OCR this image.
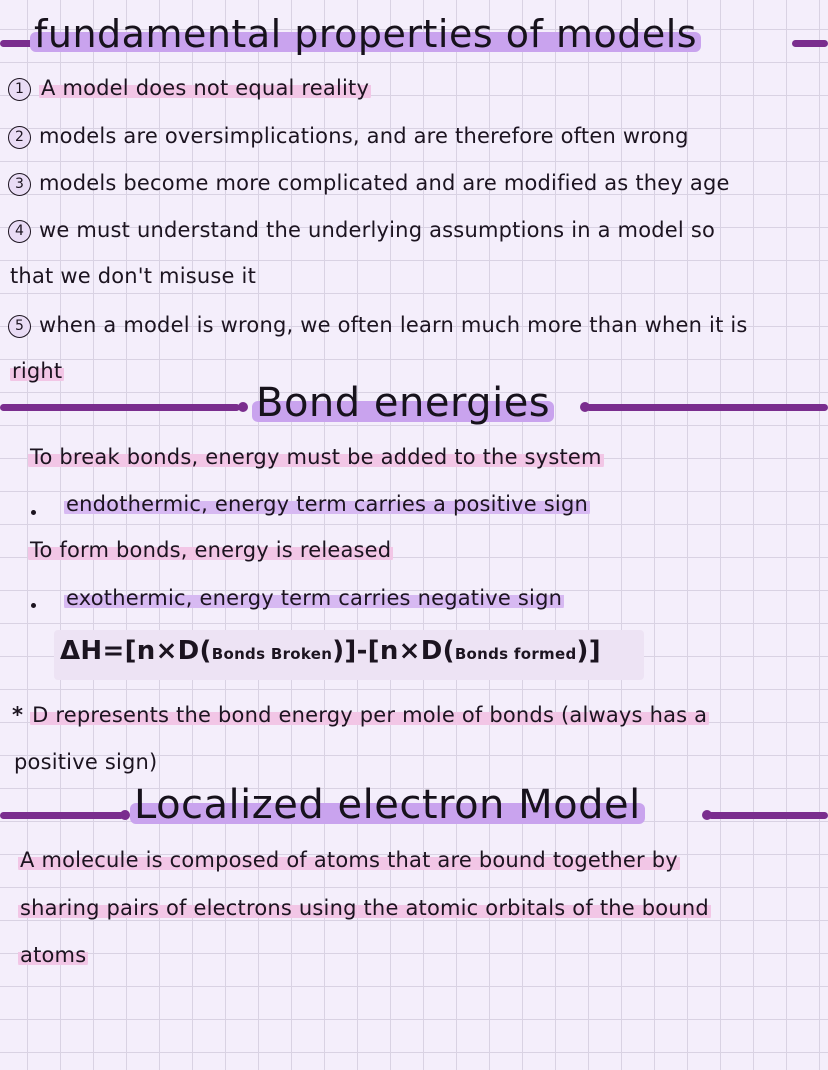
fundamental properties of models
1 A model does not equal reality
2 models are oversimplications, and are therefore often wrong
3 models become more complicated and are modified as they age
4 we must understand the underlying assumptions in a model so
that we don't misuse it
5 when a model is wrong, we often learn much more than when it is
right
Bond energies
To break bonds, energy must be added to the system
endothermic, energy term carries a positive sign
To form bonds, energy is released
exothermic, energy term carries negative sign
ΔH=[n×D(Bonds Broken)]-[n×D(Bonds formed)]
* D represents the bond energy per mole of bonds (always has a
positive sign)
Localized electron Model
A molecule is composed of atoms that are bound together by
sharing pairs of electrons using the atomic orbitals of the bound
atoms
